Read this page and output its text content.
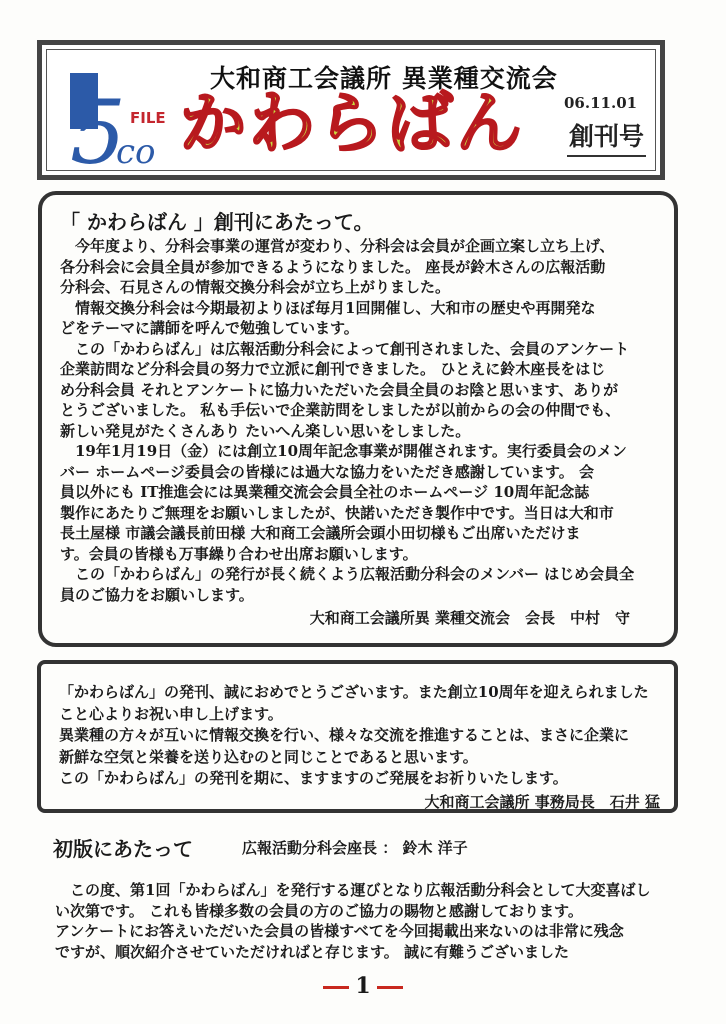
5
co
FILE
大和商工会議所 異業種交流会
かわらばん	06.11.01
創刊号
「 かわらばん 」創刊にあたって。

　今年度より、分科会事業の運営が変わり、分科会は会員が企画立案し立ち上げ、

各分科会に会員全員が参加できるようになりました。 座長が鈴木さんの広報活動

分科会、石見さんの情報交換分科会が立ち上がりました。

　情報交換分科会は今期最初よりほぼ毎月1回開催し、大和市の歴史や再開発な

どをテーマに講師を呼んで勉強しています。

　この「かわらばん」は広報活動分科会によって創刊されました、会員のアンケート

企業訪問など分科会員の努力で立派に創刊できました。 ひとえに鈴木座長をはじ

め分科会員 それとアンケートに協力いただいた会員全員のお陰と思います、ありが

とうございました。 私も手伝いで企業訪問をしましたが以前からの会の仲間でも、

新しい発見がたくさんあり たいへん楽しい思いをしました。

　19年1月19日（金）には創立10周年記念事業が開催されます。実行委員会のメン

バー ホームページ委員会の皆様には過大な協力をいただき感謝しています。 会

員以外にも IT推進会には異業種交流会会員全社のホームページ 10周年記念誌

製作にあたりご無理をお願いしましたが、快諾いただき製作中です。当日は大和市

長土屋様 市議会議長前田様 大和商工会議所会頭小田切様もご出席いただけま

す。会員の皆様も万事繰り合わせ出席お願いします。

　この「かわらばん」の発行が長く続くよう広報活動分科会のメンバー はじめ会員全

員のご協力をお願いします。

大和商工会議所異 業種交流会　会長　中村　守

「かわらばん」の発刊、誠におめでとうございます。また創立10周年を迎えられました

こと心よりお祝い申し上げます。

異業種の方々が互いに情報交換を行い、様々な交流を推進することは、まさに企業に

新鮮な空気と栄養を送り込むのと同じことであると思います。

この「かわらばん」の発刊を期に、ますますのご発展をお祈りいたします。

大和商工会議所 事務局長　石井 猛
初版にあたって	広報活動分科会座長 ： 鈴木 洋子

　この度、第1回「かわらばん」を発行する運びとなり広報活動分科会として大変喜ばし

い次第です。 これも皆様多数の会員の方のご協力の賜物と感謝しております。

アンケートにお答えいただいた会員の皆様すべてを今回掲載出来ないのは非常に残念

ですが、順次紹介させていただければと存じます。 誠に有難うございました

1
